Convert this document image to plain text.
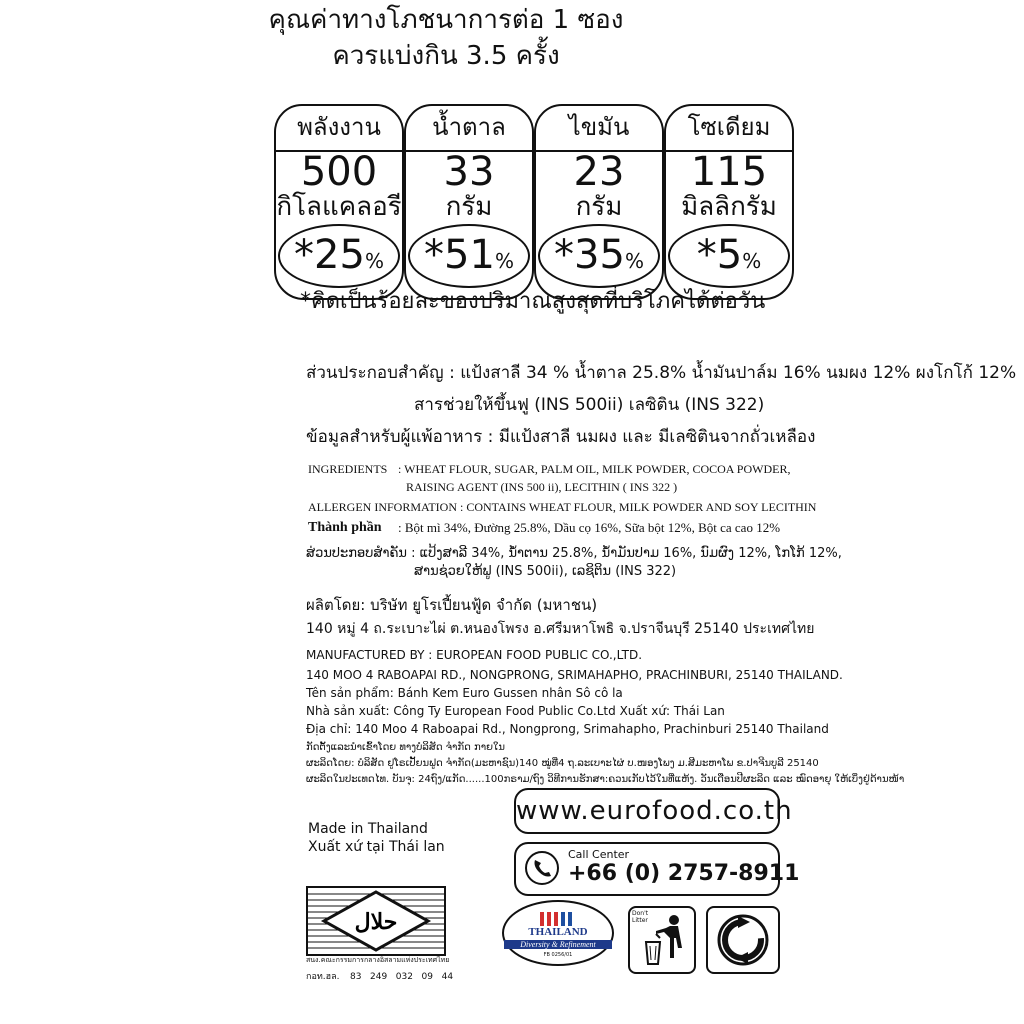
คุณค่าทางโภชนาการต่อ 1 ซอง
ควรแบ่งกิน 3.5 ครั้ง
พลังงาน
500
กิโลแคลอรี
*25%
น้ำตาล
33
กรัม
*51%
ไขมัน
23
กรัม
*35%
โซเดียม
115
มิลลิกรัม
*5%
*คิดเป็นร้อยละของปริมาณสูงสุดที่บริโภคได้ต่อวัน
ส่วนประกอบสำคัญ : แป้งสาลี 34 % น้ำตาล 25.8% น้ำมันปาล์ม 16% นมผง 12% ผงโกโก้ 12%
สารช่วยให้ขึ้นฟู (INS 500ii) เลซิติน (INS 322)
ข้อมูลสำหรับผู้แพ้อาหาร : มีแป้งสาลี นมผง และ มีเลซิตินจากถั่วเหลือง
INGREDIENTS : WHEAT FLOUR, SUGAR, PALM OIL, MILK POWDER, COCOA POWDER,
RAISING AGENT (INS 500 ii), LECITHIN ( INS 322 )
ALLERGEN INFORMATION : CONTAINS WHEAT FLOUR, MILK POWDER AND SOY LECITHIN
Thành phần : Bột mì 34%, Đường 25.8%, Dầu cọ 16%, Sữa bột 12%, Bột ca cao 12%
ສ່ວນປະກອບສຳຄັນ : ແປ້ງສາລີ 34%, ນ້ຳຕານ 25.8%, ນ້ຳມັນປາມ 16%, ນົມຜົງ 12%, ໂກໂກ້ 12%,
ສານຊ່ວຍໃຫ້ຟູ (INS 500ii), ເລຊິຕິນ (INS 322)
ผลิตโดย: บริษัท ยูโรเปี้ยนฟู้ด จำกัด (มหาชน)
140 หมู่ 4 ถ.ระเบาะไผ่ ต.หนองโพรง อ.ศรีมหาโพธิ จ.ปราจีนบุรี 25140 ประเทศไทย
MANUFACTURED BY : EUROPEAN FOOD PUBLIC CO.,LTD.
140 MOO 4 RABOAPAI RD., NONGPRONG, SRIMAHAPHO, PRACHINBURI, 25140 THAILAND.
Tên sản phẩm: Bánh Kem Euro Gussen nhân Sô cô la
Nhà sản xuất: Công Ty European Food Public Co.Ltd Xuất xứ: Thái Lan
Địa chỉ: 140 Moo 4 Raboapai Rd., Nongprong, Srimahapho, Prachinburi 25140 Thailand
ກັດຕັ້ງແລະນຳເຂົ້າໂດຍ ທາງບໍລິສັດ ຈຳກັດ ກາຍໃນ
ຜະລິດໂດຍ: ບໍລິສັດ ຢູໂຣເປັ້ຍນຟູດ ຈຳກັດ(ມະຫາຊົນ)140 ໝູ່ທີ່4 ຖ.ລະເບາະໄຜ່ ບ.ໜອງໂພງ ມ.ສີມະຫາໂພ ຂ.ປາຈີນບູລີ 25140
ຜະລິດໃນປະເທດໄທ. ບັນຈຸ: 24ຖົງ/ແກັດ......100ກຣາມ/ຖົງ ວິທີການຮັກສາ:ຄວນເກັບໄວ້ໃນທີ່ແຫ້ງ. ວັນເດືອນປີຜະລິດ ແລະ ໝົດອາຍຸ ໃຫ້ເບິ່ງຢູ່ດ້ານໜ້າ
www.eurofood.co.th
Made in Thailand
Xuất xứ tại Thái lan	Call Center
+66 (0) 2757-8911
حلال
สนง.คณะกรรมการกลางอิสลามแห่งประเทศไทย
กอท.ฮล. 83   249   032   09   44
THAILAND
Diversity & Refinement
FB 0256/01
Don't Litter
